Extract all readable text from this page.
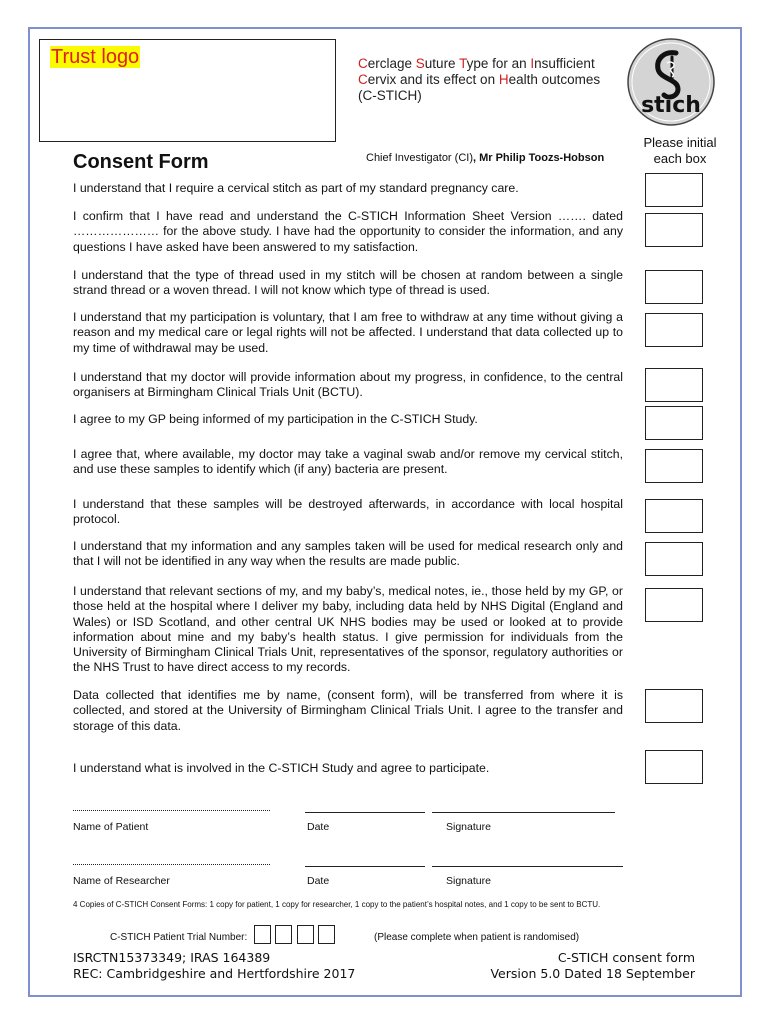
Trust logo	Cerclage Suture Type for an Insufficient Cervix and its effect on Health outcomes (C-STICH)	stich
Please initial
each box
Consent Form	Chief Investigator (CI), Mr Philip Toozs-Hobson
I understand that I require a cervical stitch as part of my standard pregnancy care.
I confirm that I have read and understand the C-STICH Information Sheet Version ……. dated ………………… for the above study. I have had the opportunity to consider the information, and any questions I have asked have been answered to my satisfaction.
I understand that the type of thread used in my stitch will be chosen at random between a single strand thread or a woven thread. I will not know which type of thread is used.
I understand that my participation is voluntary, that I am free to withdraw at any time without giving a reason and my medical care or legal rights will not be affected. I understand that data collected up to my time of withdrawal may be used.
I understand that my doctor will provide information about my progress, in confidence, to the central organisers at Birmingham Clinical Trials Unit (BCTU).
I agree to my GP being informed of my participation in the C-STICH Study.
I agree that, where available, my doctor may take a vaginal swab and/or remove my cervical stitch, and use these samples to identify which (if any) bacteria are present.
I understand that these samples will be destroyed afterwards, in accordance with local hospital protocol.
I understand that my information and any samples taken will be used for medical research only and that I will not be identified in any way when the results are made public.
I understand that relevant sections of my, and my baby’s, medical notes, ie., those held by my GP, or those held at the hospital where I deliver my baby, including data held by NHS Digital (England and Wales) or ISD Scotland, and other central UK NHS bodies may be used or looked at to provide information about mine and my baby’s health status. I give permission for individuals from the University of Birmingham Clinical Trials Unit, representatives of the sponsor, regulatory authorities or the NHS Trust to have direct access to my records.
Data collected that identifies me by name, (consent form), will be transferred from where it is collected, and stored at the University of Birmingham Clinical Trials Unit. I agree to the transfer and storage of this data.
I understand what is involved in the C-STICH Study and agree to participate.
Name of Patient	Date	Signature
Name of Researcher	Date	Signature
4 Copies of C-STICH Consent Forms: 1 copy for patient, 1 copy for researcher, 1 copy to the patient’s hospital notes, and 1 copy to be sent to BCTU.
C-STICH Patient Trial Number:	(Please complete when patient is randomised)
ISRCTN15373349; IRAS 164389
REC: Cambridgeshire and Hertfordshire 2017
C-STICH consent form
Version 5.0 Dated 18 September
